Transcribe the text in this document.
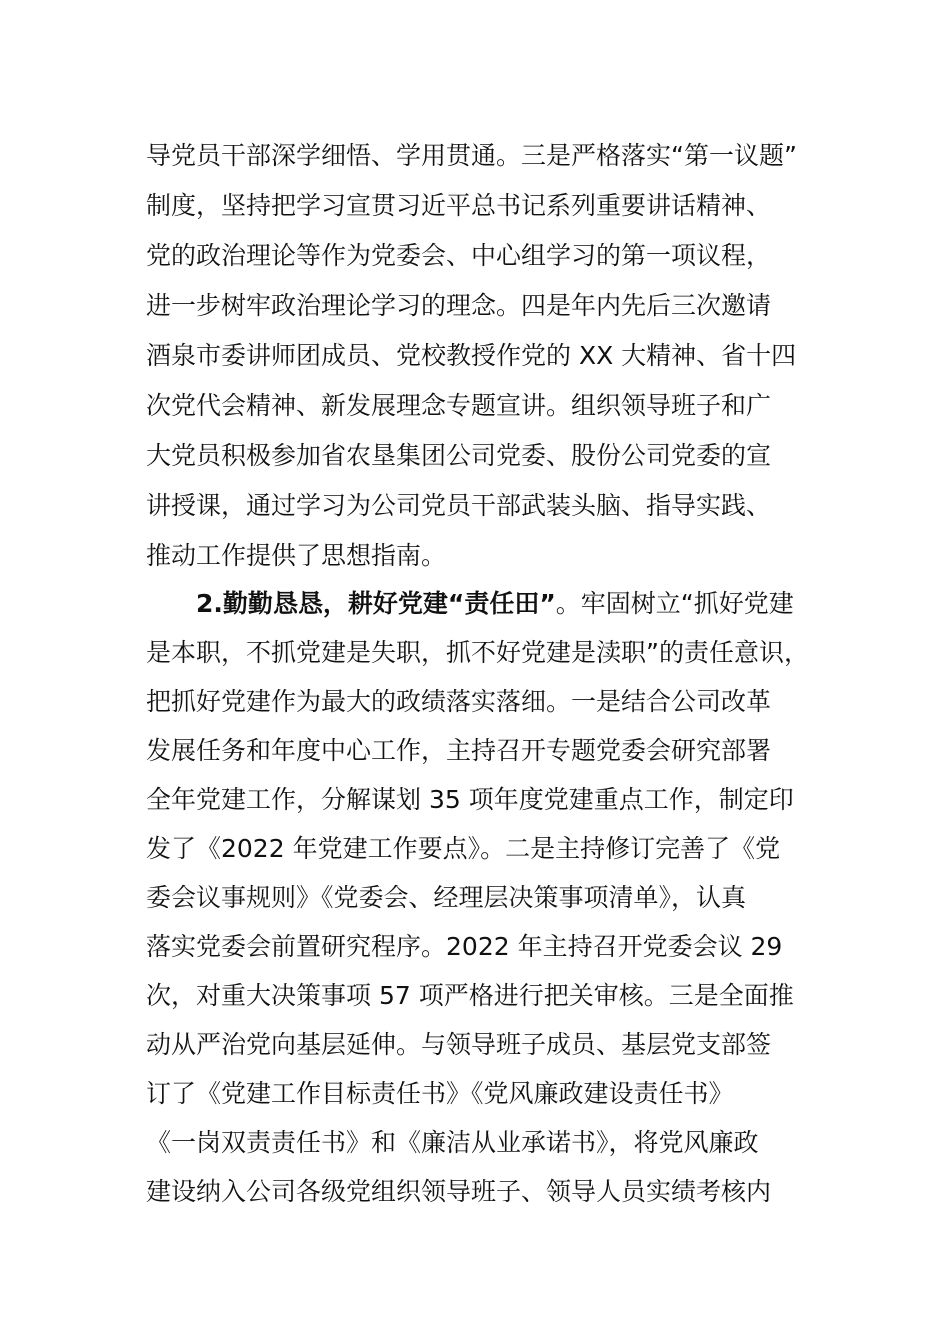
导党员干部深学细悟、学用贯通。三是严格落实“第一议题”
制度，坚持把学习宣贯习近平总书记系列重要讲话精神、
党的政治理论等作为党委会、中心组学习的第一项议程，
进一步树牢政治理论学习的理念。四是年内先后三次邀请
酒泉市委讲师团成员、党校教授作党的 XX 大精神、省十四
次党代会精神、新发展理念专题宣讲。组织领导班子和广
大党员积极参加省农垦集团公司党委、股份公司党委的宣
讲授课，通过学习为公司党员干部武装头脑、指导实践、
推动工作提供了思想指南。
2.勤勤恳恳，耕好党建“责任田”。牢固树立“抓好党建
是本职，不抓党建是失职，抓不好党建是渎职”的责任意识，
把抓好党建作为最大的政绩落实落细。一是结合公司改革
发展任务和年度中心工作，主持召开专题党委会研究部署
全年党建工作，分解谋划 35 项年度党建重点工作，制定印
发了《2022 年党建工作要点》。二是主持修订完善了《党
委会议事规则》《党委会、经理层决策事项清单》，认真
落实党委会前置研究程序。2022 年主持召开党委会议 29
次，对重大决策事项 57 项严格进行把关审核。三是全面推
动从严治党向基层延伸。与领导班子成员、基层党支部签
订了《党建工作目标责任书》《党风廉政建设责任书》
《一岗双责责任书》和《廉洁从业承诺书》，将党风廉政
建设纳入公司各级党组织领导班子、领导人员实绩考核内
